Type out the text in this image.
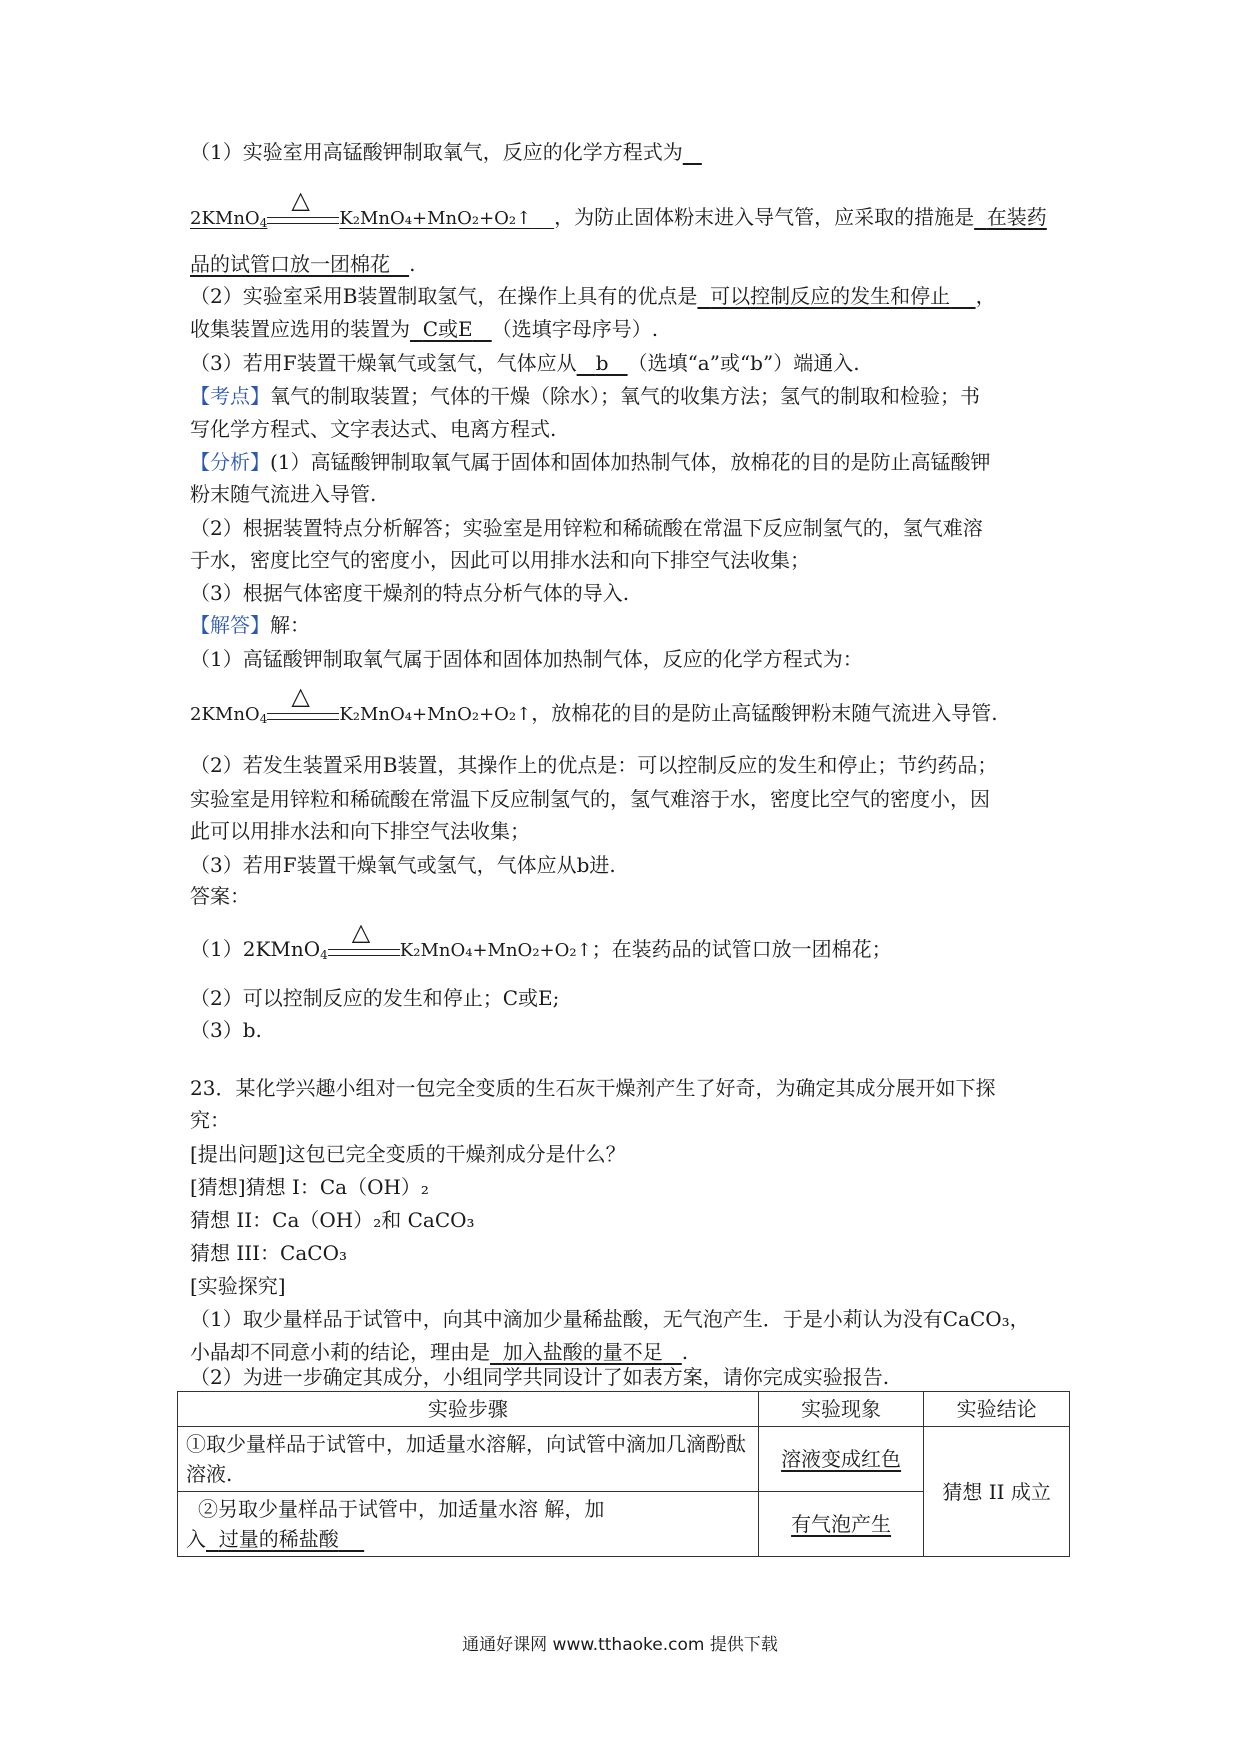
（1）实验室用高锰酸钾制取氧气，反应的化学方程式为
2KMnO$_4$
△
K₂MnO₄+MnO₂+O₂↑ ，为防止固体粉末进入导气管，应采取的措施是 在装药
品的试管口放一团棉花 .
（2）实验室采用B装置制取氢气，在操作上具有的优点是 可以控制反应的发生和停止 ，
收集装置应选用的装置为 C或E （选填字母序号）.
（3）若用F装置干燥氧气或氢气，气体应从 b （选填“a”或“b”）端通入.
【考点】氧气的制取装置；气体的干燥（除水）；氧气的收集方法；氢气的制取和检验；书
写化学方程式、文字表达式、电离方程式.
【分析】(1）高锰酸钾制取氧气属于固体和固体加热制气体，放棉花的目的是防止高锰酸钾
粉末随气流进入导管.
（2）根据装置特点分析解答；实验室是用锌粒和稀硫酸在常温下反应制氢气的，氢气难溶
于水，密度比空气的密度小，因此可以用排水法和向下排空气法收集；
（3）根据气体密度干燥剂的特点分析气体的导入.
【解答】解：
（1）高锰酸钾制取氧气属于固体和固体加热制气体，反应的化学方程式为：
2KMnO$_4$
△
K₂MnO₄+MnO₂+O₂↑，放棉花的目的是防止高锰酸钾粉末随气流进入导管.
（2）若发生装置采用B装置，其操作上的优点是：可以控制反应的发生和停止；节约药品；
实验室是用锌粒和稀硫酸在常温下反应制氢气的，氢气难溶于水，密度比空气的密度小，因
此可以用排水法和向下排空气法收集；
（3）若用F装置干燥氧气或氢气，气体应从b进.
答案：
（1）2KMnO$_4$
△
K₂MnO₄+MnO₂+O₂↑；在装药品的试管口放一团棉花；
（2）可以控制反应的发生和停止；C或E;
（3）b.
23．某化学兴趣小组对一包完全变质的生石灰干燥剂产生了好奇，为确定其成分展开如下探
究：
[提出问题]这包已完全变质的干燥剂成分是什么？
[猜想]猜想 I：Ca（OH）₂
猜想 II：Ca（OH）₂和 CaCO₃
猜想 III：CaCO₃
[实验探究]
（1）取少量样品于试管中，向其中滴加少量稀盐酸，无气泡产生．于是小莉认为没有CaCO₃，
小晶却不同意小莉的结论，理由是 加入盐酸的量不足 .
（2）为进一步确定其成分，小组同学共同设计了如表方案，请你完成实验报告.
实验步骤	实验现象	实验结论
①取少量样品于试管中，加适量水溶解，向试管中滴加几滴酚酞溶液.	溶液变成红色	猜想 II 成立

②另取少量样品于试管中，加适量水溶 解，加
入 过量的稀盐酸	有气泡产生	
通通好课网 www.tthaoke.com 提供下载
